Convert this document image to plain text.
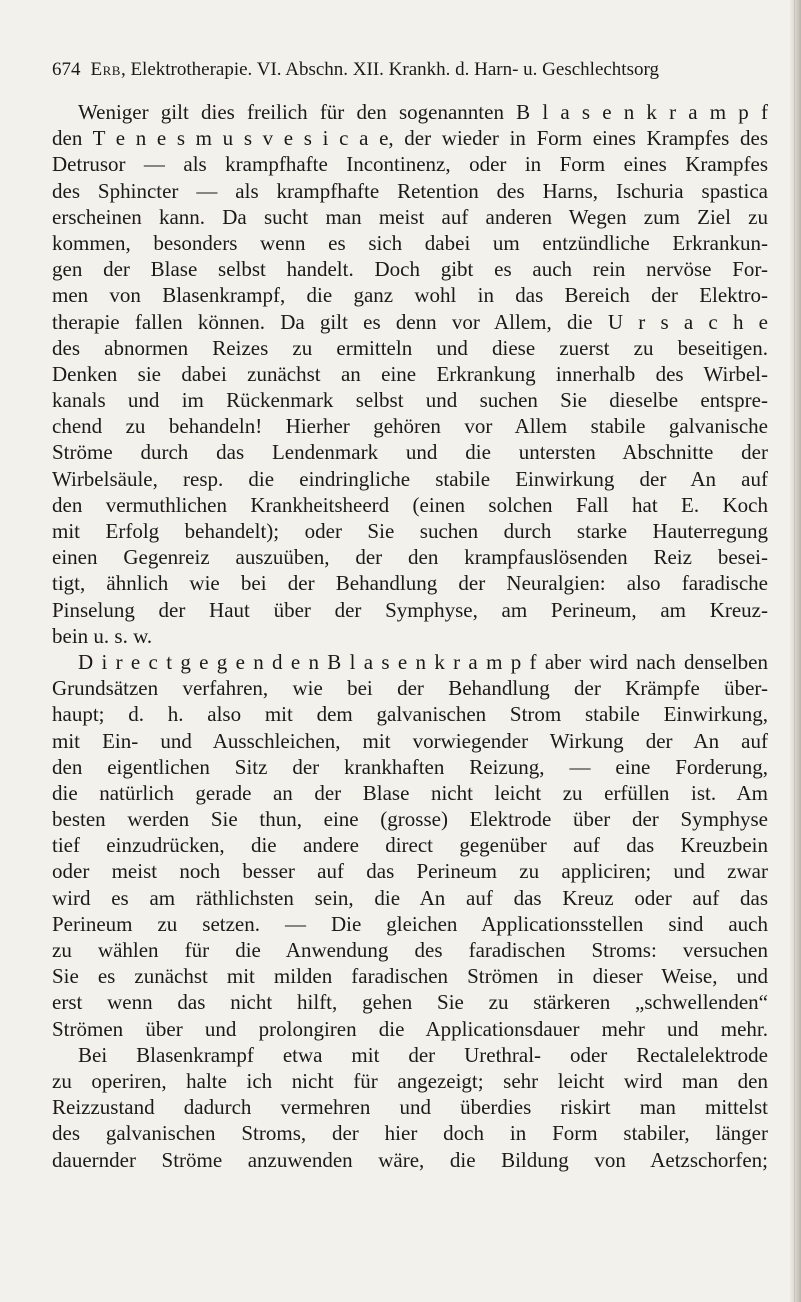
674 Erb, Elektrotherapie. VI. Abschn. XII. Krankh. d. Harn- u. Geschlechtsorg
Weniger gilt dies freilich für den sogenannten B l a s e n k r a m p f
den T e n e s m u s v e s i c a e, der wieder in Form eines Krampfes des
Detrusor — als krampfhafte Incontinenz, oder in Form eines Krampfes
des Sphincter — als krampfhafte Retention des Harns, Ischuria spastica
erscheinen kann. Da sucht man meist auf anderen Wegen zum Ziel zu
kommen, besonders wenn es sich dabei um entzündliche Erkrankun-
gen der Blase selbst handelt. Doch gibt es auch rein nervöse For-
men von Blasenkrampf, die ganz wohl in das Bereich der Elektro-
therapie fallen können. Da gilt es denn vor Allem, die U r s a c h e
des abnormen Reizes zu ermitteln und diese zuerst zu beseitigen.
Denken sie dabei zunächst an eine Erkrankung innerhalb des Wirbel-
kanals und im Rückenmark selbst und suchen Sie dieselbe entspre-
chend zu behandeln! Hierher gehören vor Allem stabile galvanische
Ströme durch das Lendenmark und die untersten Abschnitte der
Wirbelsäule, resp. die eindringliche stabile Einwirkung der An auf
den vermuthlichen Krankheitsheerd (einen solchen Fall hat E. Koch
mit Erfolg behandelt); oder Sie suchen durch starke Hauterregung
einen Gegenreiz auszuüben, der den krampfauslösenden Reiz besei-
tigt, ähnlich wie bei der Behandlung der Neuralgien: also faradische
Pinselung der Haut über der Symphyse, am Perineum, am Kreuz-
bein u. s. w.
D i r e c t g e g e n d e n B l a s e n k r a m p f aber wird nach denselben
Grundsätzen verfahren, wie bei der Behandlung der Krämpfe über-
haupt; d. h. also mit dem galvanischen Strom stabile Einwirkung,
mit Ein- und Ausschleichen, mit vorwiegender Wirkung der An auf
den eigentlichen Sitz der krankhaften Reizung, — eine Forderung,
die natürlich gerade an der Blase nicht leicht zu erfüllen ist. Am
besten werden Sie thun, eine (grosse) Elektrode über der Symphyse
tief einzudrücken, die andere direct gegenüber auf das Kreuzbein
oder meist noch besser auf das Perineum zu appliciren; und zwar
wird es am räthlichsten sein, die An auf das Kreuz oder auf das
Perineum zu setzen. — Die gleichen Applicationsstellen sind auch
zu wählen für die Anwendung des faradischen Stroms: versuchen
Sie es zunächst mit milden faradischen Strömen in dieser Weise, und
erst wenn das nicht hilft, gehen Sie zu stärkeren „schwellenden“
Strömen über und prolongiren die Applicationsdauer mehr und mehr.
Bei Blasenkrampf etwa mit der Urethral- oder Rectalelektrode
zu operiren, halte ich nicht für angezeigt; sehr leicht wird man den
Reizzustand dadurch vermehren und überdies riskirt man mittelst
des galvanischen Stroms, der hier doch in Form stabiler, länger
dauernder Ströme anzuwenden wäre, die Bildung von Aetzschorfen;
